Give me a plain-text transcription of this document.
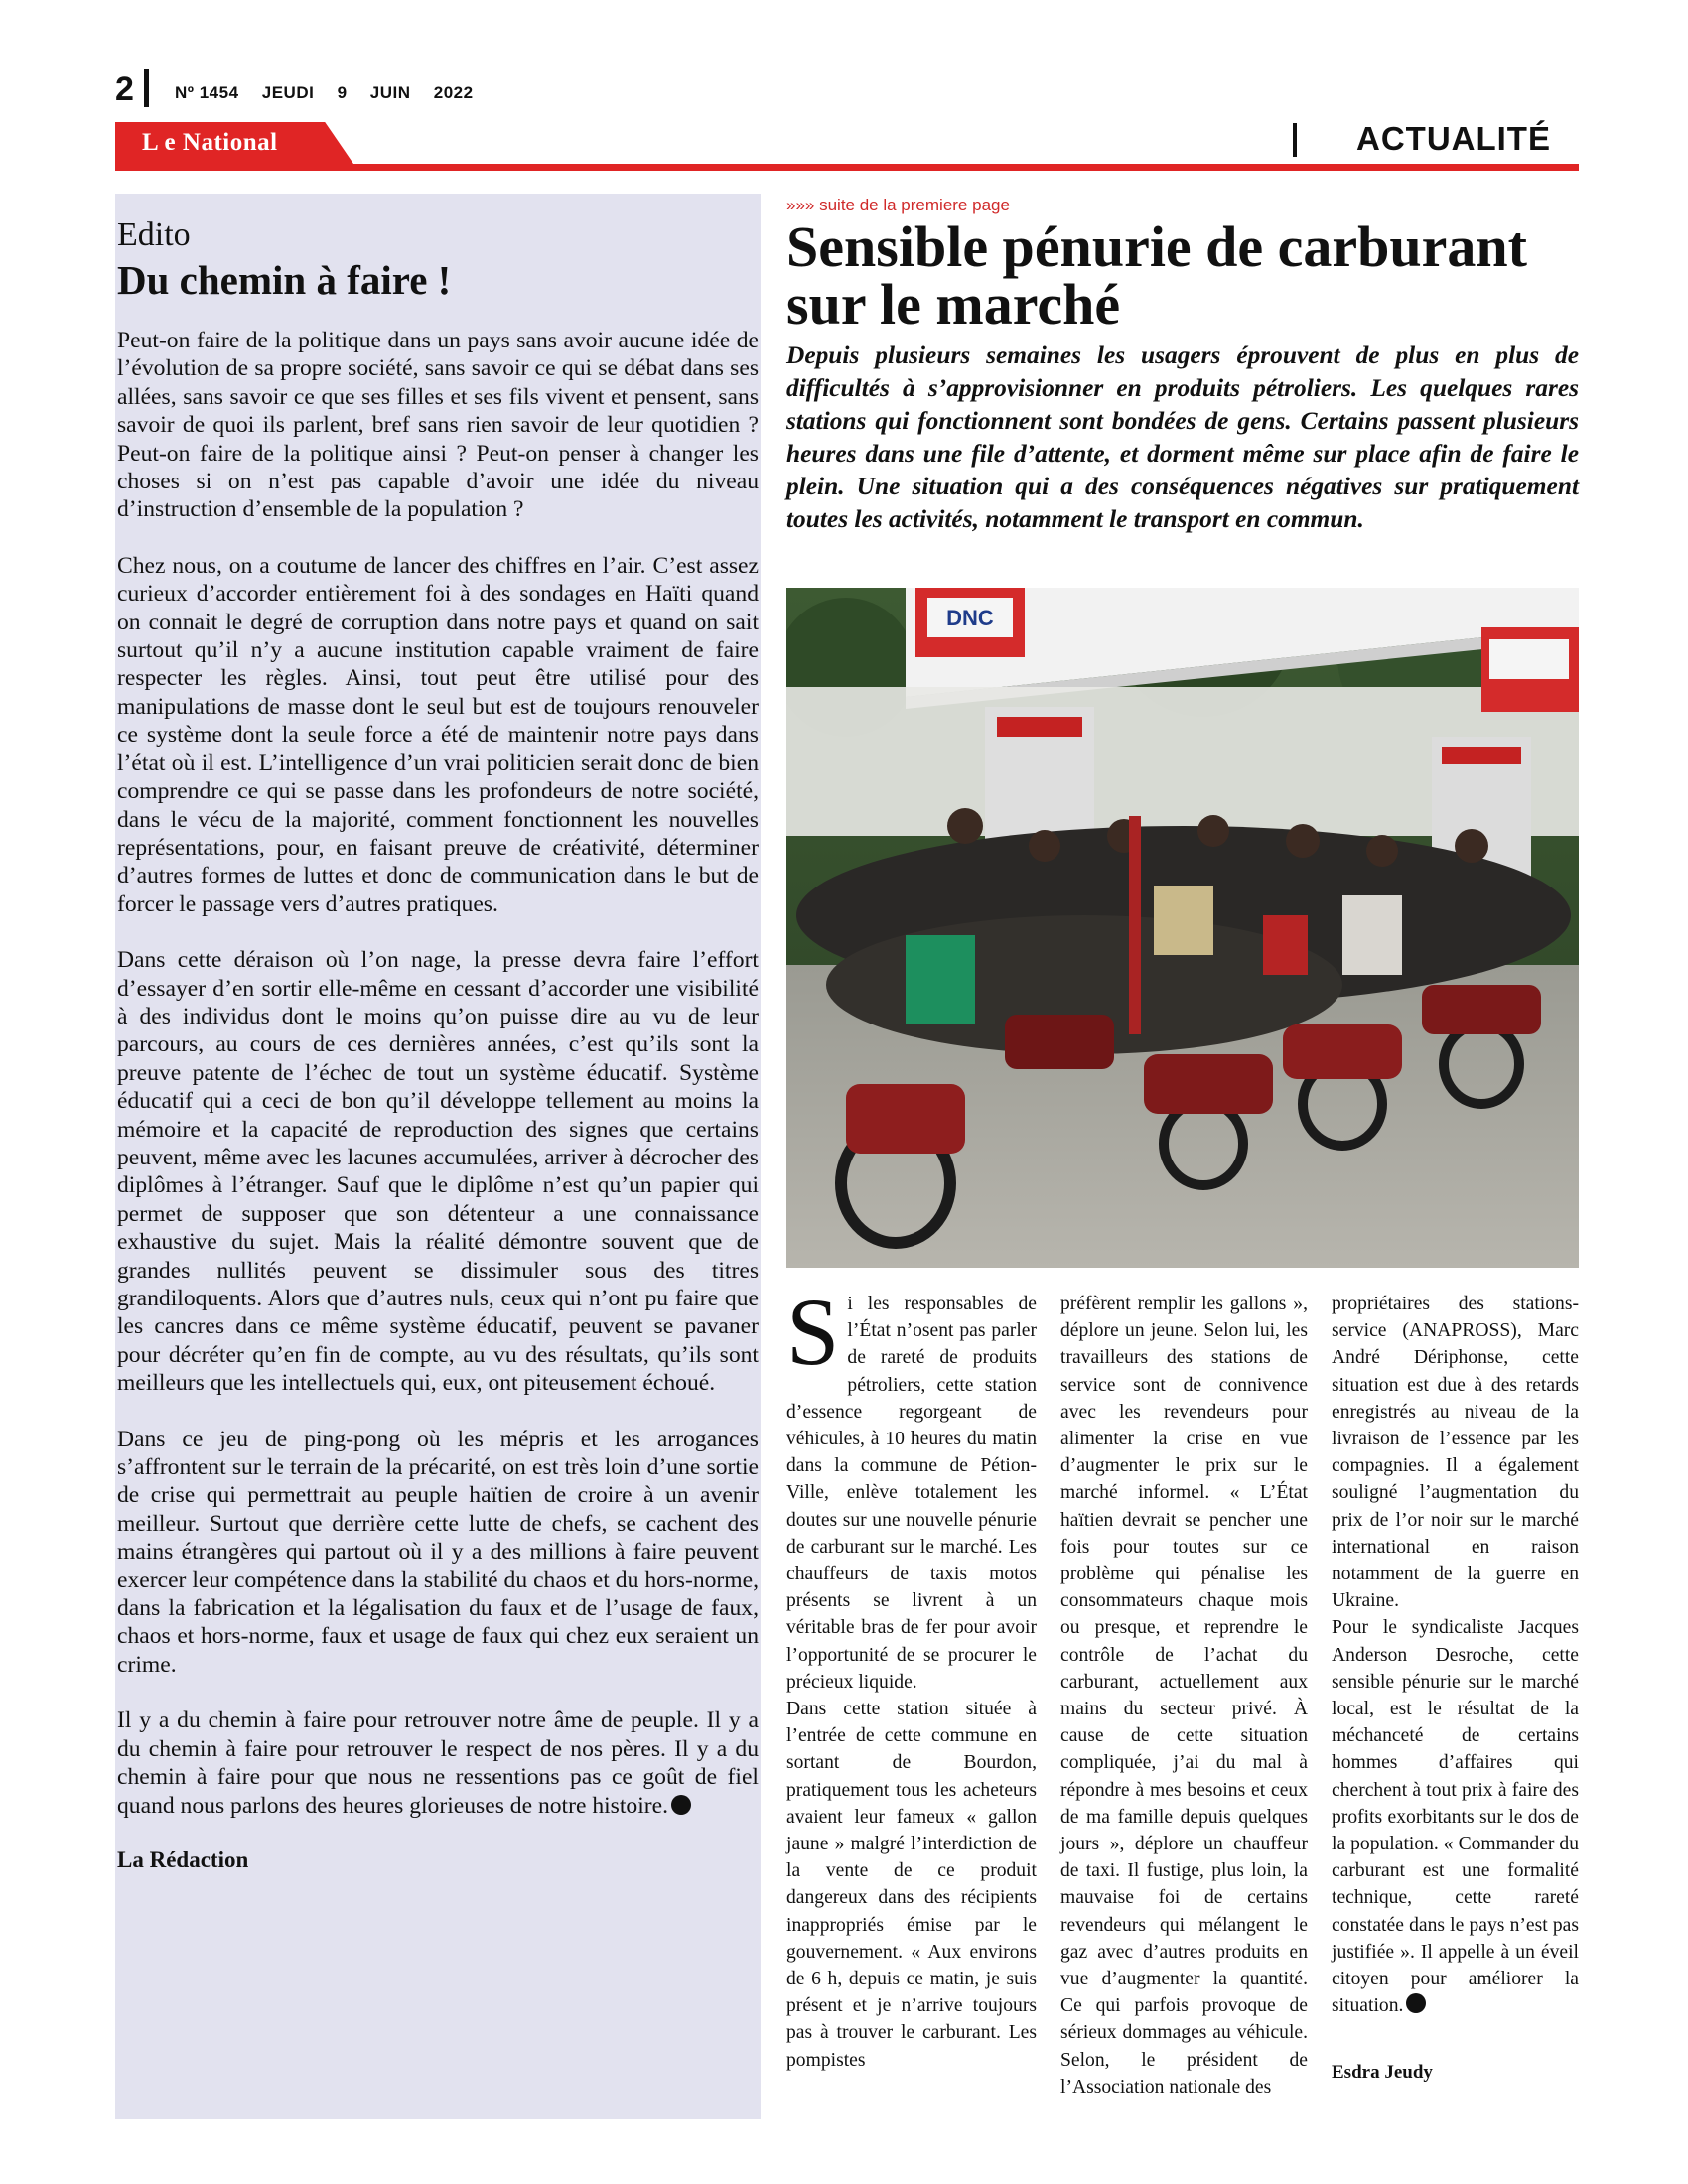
2 Nº 1454 JEUDI 9 JUIN 2022
L e National	ACTUALITÉ
Edito
Du chemin à faire !

Peut-on faire de la politique dans un pays sans avoir aucune idée de l’évolution de sa propre société, sans savoir ce qui se débat dans ses allées, sans savoir ce que ses filles et ses fils vivent et pensent, sans savoir de quoi ils parlent, bref sans rien savoir de leur quotidien ? Peut-on faire de la politique ainsi ? Peut-on penser à changer les choses si on n’est pas capable d’avoir une idée du niveau d’instruction d’ensemble de la population ?

Chez nous, on a coutume de lancer des chiffres en l’air. C’est assez curieux d’accorder entièrement foi à des sondages en Haïti quand on connait le degré de corruption dans notre pays et quand on sait surtout qu’il n’y a aucune institution capable vraiment de faire respecter les règles. Ainsi, tout peut être utilisé pour des manipulations de masse dont le seul but est de toujours renouveler ce système dont la seule force a été de maintenir notre pays dans l’état où il est. L’intelligence d’un vrai politicien serait donc de bien comprendre ce qui se passe dans les profondeurs de notre société, dans le vécu de la majorité, comment fonctionnent les nouvelles représentations, pour, en faisant preuve de créativité, déterminer d’autres formes de luttes et donc de communication dans le but de forcer le passage vers d’autres pratiques.

Dans cette déraison où l’on nage, la presse devra faire l’effort d’essayer d’en sortir elle-même en cessant d’accorder une visibilité à des individus dont le moins qu’on puisse dire au vu de leur parcours, au cours de ces dernières années, c’est qu’ils sont la preuve patente de l’échec de tout un système éducatif. Système éducatif qui a ceci de bon qu’il développe tellement au moins la mémoire et la capacité de reproduction des signes que certains peuvent, même avec les lacunes accumulées, arriver à décrocher des diplômes à l’étranger. Sauf que le diplôme n’est qu’un papier qui permet de supposer que son détenteur a une connaissance exhaustive du sujet. Mais la réalité démontre souvent que de grandes nullités peuvent se dissimuler sous des titres grandiloquents. Alors que d’autres nuls, ceux qui n’ont pu faire que les cancres dans ce même système éducatif, peuvent se pavaner pour décréter qu’en fin de compte, au vu des résultats, qu’ils sont meilleurs que les intellectuels qui, eux, ont piteusement échoué.

Dans ce jeu de ping-pong où les mépris et les arrogances s’affrontent sur le terrain de la précarité, on est très loin d’une sortie de crise qui permettrait au peuple haïtien de croire à un avenir meilleur. Surtout que derrière cette lutte de chefs, se cachent des mains étrangères qui partout où il y a des millions à faire peuvent exercer leur compétence dans la stabilité du chaos et du hors-norme, dans la fabrication et la légalisation du faux et de l’usage de faux, chaos et hors-norme, faux et usage de faux qui chez eux seraient un crime.

Il y a du chemin à faire pour retrouver notre âme de peuple. Il y a du chemin à faire pour retrouver le respect de nos pères. Il y a du chemin à faire pour que nous ne ressentions pas ce goût de fiel quand nous parlons des heures glorieuses de notre histoire.

La Rédaction
»»» suite de la premiere page
Sensible pénurie de carburant sur le marché
Depuis plusieurs semaines les usagers éprouvent de plus en plus de difficultés à s’approvisionner en produits pétroliers. Les quelques rares stations qui fonctionnent sont bondées de gens. Certains passent plusieurs heures dans une file d’attente, et dorment même sur place afin de faire le plein. Une situation qui a des conséquences négatives sur pratiquement toutes les activités, notamment le transport en commun.
DNC

Si les responsables de l’État n’osent pas parler de rareté de produits pétroliers, cette station d’essence regorgeant de véhicules, à 10 heures du matin dans la commune de Pétion-Ville, enlève totalement les doutes sur une nouvelle pénurie de carburant sur le marché. Les chauffeurs de taxis motos présents se livrent à un véritable bras de fer pour avoir l’opportunité de se procurer le précieux liquide.

Dans cette station située à l’entrée de cette commune en sortant de Bourdon, pratiquement tous les acheteurs avaient leur fameux « gallon jaune » malgré l’interdiction de la vente de ce produit dangereux dans des récipients inappropriés émise par le gouvernement. « Aux environs de 6 h, depuis ce matin, je suis présent et je n’arrive toujours pas à trouver le carburant. Les pompistes

préfèrent remplir les gallons », déplore un jeune. Selon lui, les travailleurs des stations de service sont de connivence avec les revendeurs pour alimenter la crise en vue d’augmenter le prix sur le marché informel. « L’État haïtien devrait se pencher une fois pour toutes sur ce problème qui pénalise les consommateurs chaque mois ou presque, et reprendre le contrôle de l’achat du carburant, actuellement aux mains du secteur privé. À cause de cette situation compliquée, j’ai du mal à répondre à mes besoins et ceux de ma famille depuis quelques jours », déplore un chauffeur de taxi. Il fustige, plus loin, la mauvaise foi de certains revendeurs qui mélangent le gaz avec d’autres produits en vue d’augmenter la quantité. Ce qui parfois provoque de sérieux dommages au véhicule. Selon, le président de l’Association nationale des

propriétaires des stations-service (ANAPROSS), Marc André Dériphonse, cette situation est due à des retards enregistrés au niveau de la livraison de l’essence par les compagnies. Il a également souligné l’augmentation du prix de l’or noir sur le marché international en raison notamment de la guerre en Ukraine.

Pour le syndicaliste Jacques Anderson Desroche, cette sensible pénurie sur le marché local, est le résultat de la méchanceté de certains hommes d’affaires qui cherchent à tout prix à faire des profits exorbitants sur le dos de la population. « Commander du carburant est une formalité technique, cette rareté constatée dans le pays n’est pas justifiée ». Il appelle à un éveil citoyen pour améliorer la situation.

Esdra Jeudy
